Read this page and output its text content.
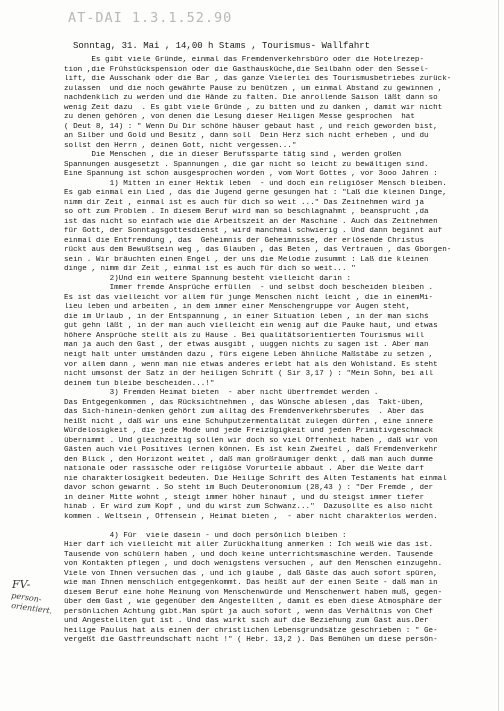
AT-DAI 1.3.1.52.90
Sonntag, 31. Mai , 14,00 h Stams , Tourismus- Wallfahrt
Es gibt viele Gründe, einmal das Fremdenverkehrsbüro oder die Hotelrezep-
tion ,die Frühstückspension oder die Gasthausküche,die Seilbahn oder den Sessel-
lift, die Ausschank oder die Bar , das ganze Vielerlei des Tourismusbetriebes zurück-
zulassen  und die noch gewährte Pause zu benützen , um einmal Abstand zu gewinnen ,
nachdenklich zu werden und die Hände zu falten. Die anrollende Saison läßt dann so
wenig Zeit dazu  . Es gibt viele Gründe , zu bitten und zu danken , damit wir nicht
zu denen gehören , von denen die Lesung dieser Heiligen Messe gesprochen  hat
( Deut 8, 14) : " Wenn Du Dir schöne häuser gebaut hast , und reich geworden bist,
an Silber und Gold und Besitz , dann soll  Dein Herz sich nicht erheben , und du
sollst den Herrn , deinen Gott, nicht vergessen..."
Die Menschen , die in dieser Berufssparte tätig sind , werden großen
Spannungen ausgesetzt . Spannungen , die gar nicht so leicht zu bewältigen sind.
Eine Spannung ist schon ausgesprochen worden , vom Wort Gottes , vor 3ooo Jahren :
1) Mitten in einer Hektik leben  - und doch ein religiöser Mensch bleiben.
Es gab einmal ein Lied , das die Jugend gerne gesungen hat : "Laß die kleinen Dinge,
nimm dir Zeit , einmal ist es auch für dich so weit ..." Das Zeitnehmen wird ja
so oft zum Problem . In diesem Beruf wird man so beschlagnahmt , beansprucht ,da
ist das nicht so einfach wie die Arbeitszeit an der Maschine . Auch das Zeitnehmen
für Gott, der Sonntagsgottesdienst , wird manchmal schwierig . Und dann beginnt auf
einmal die Entfremdung , das  Geheimnis der Geheimnisse, der erlösende Christus
rückt aus dem Bewußtsein weg , das Glauben , das Beten , das Vertrauen , das Gborgen-
sein . Wir bräuchten einen Engel , der uns die Melodie zusummt : Laß die kleinen
dinge , nimm dir Zeit , einmal ist es auch für dich so weit... "
2)Und ein weitere Spannung besteht vielleicht darin :
Immer fremde Ansprüche erfüllen  - und selbst doch bescheiden bleiben .
Es ist das vielleicht vor allem für junge Menschen nicht leicht , die in einemMi-
lieu leben und arbeiten , in dem immer einer Menschengruppe vor Augen steht,
die im Urlaub , in der Entspannung , in einer Situation leben , in der man sichś
gut gehn läßt , in der man auch vielleicht ein wenig auf die Pauke haut, und etwas
höhere Ansprüche stellt als zu Hause . Bei qualitätsorientierten Tourismus will
man ja auch den Gast , der etwas ausgibt , uuggen nichts zu sagen ist . Aber man
neigt halt unter umständen dazu , fürs eigene Leben ähnliche Maßstäbe zu setzen ,
vor allem dann , wenn man nie etwas anderes erlebt hat als den Wohlstand. Es steht
nicht umsonst der Satz in der heiligen Schrift ( Sir 3,17 ) : "Mein Sohn, bei all
deinem tun bleibe bescheiden...!"
3) Fremden Heimat bieten  - aber nicht überfremdet werden .
Das Entgegenkommen , das Rücksichtnehmen , das Wünsche ablesen ,das  Takt-üben,
das Sich-hinein-denken gehört zum alltag des Fremdenverkehrsberufes  . Aber das
heißt nicht , daß wir uns eine Schuhputzermentalität zulegen dürfen , eine innere
Würdelosigkeit , die jede Mode und jede Freizügigkeit und jeden Primitivgeschmack
übernimmt . Und gleichzeitig sollen wir doch so viel Offenheit haben , daß wir von
Gästen auch viel Positives lernen können. Es ist kein Zweifel , daß Fremdenverkehr
den Blick , den Horizont weitet , daß man großräumiger denkt , daß man auch dumme
nationale oder rassische oder religiöse Vorurteile abbaut . Aber die Weite darf
nie charakterlosigkeit bedeuten. Die Heilige Schrift des Alten Testaments hat einmal
davor schon gewarnt . So steht im Buch Deuteronomium (28,43 ) : "Der Fremde , der
in deiner Mitte wohnt , steigt immer höher hinauf , und du steigst immer tiefer
hinab . Er wird zum Kopf , und du wirst zum Schwanz..."  Dazusollte es also nicht
kommen . Weltsein , Offensein , Heimat bieten ,  - aber nicht charakterlos werden.
4) Für  viele dasein - und doch persönlich bleiben :
Hier darf ich vielleicht mit aller Zurückhaltung anmerken : Ich weiß wie das ist.
Tausende von schülern haben , und doch keine unterrichtsmaschine werden. Tausende
von Kontakten pflegen , und doch wenigstens versuchen , auf den Menschen einzugehn.
Viele von Ihnen versuchen das , und ich glaube , daß Gäste das auch sofort spüren,
wie man Ihnen menschlich entgegenkommt. Das heißt auf der einen Seite - daß man in
diesem Beruf eine hohe Meinung von Menschenwürde und Menschenwert haben muß, gegen-
über dem Gast , wie gegenüber dem Angestellten , damit es eben diese Atmosphäre der
persönlichen Achtung gibt.Man spürt ja auch sofort , wenn das Verhältnis von Chef
und Angestellten gut ist . Und das wirkt sich auf die Beziehung zum Gast aus.Der
heilige Paulus hat als einen der christlichen Lebensgrundsätze geschrieben : " Ge-
vergeßt die Gastfreundschaft nicht !" ( Hebr. 13,2 ). Das Bemühen um diese persön-
FV-
person-
orientiert.
